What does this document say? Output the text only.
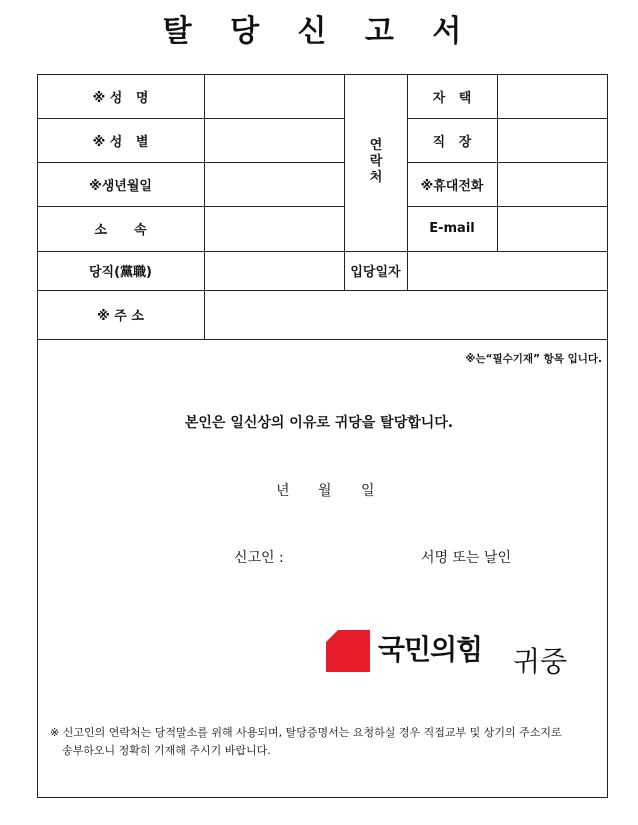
탈 당 신 고 서
※ 성   명
※ 성   별
※생년월일
소      속
당직(黨職)
※ 주 소
연락처
자   택
직   장
※휴대전화
E-mail
입당일자
※는“필수기재” 항목 입니다.
본인은 일신상의 이유로 귀당을 탈당합니다.
년 월 일
신고인 :	서명 또는 날인
국민의힘 귀중
※ 신고인의 연락처는 당적말소를 위해 사용되며, 탈당증명서는 요청하실 경우 직접교부 및 상기의 주소지로
송부하오니 정확히 기재해 주시기 바랍니다.
